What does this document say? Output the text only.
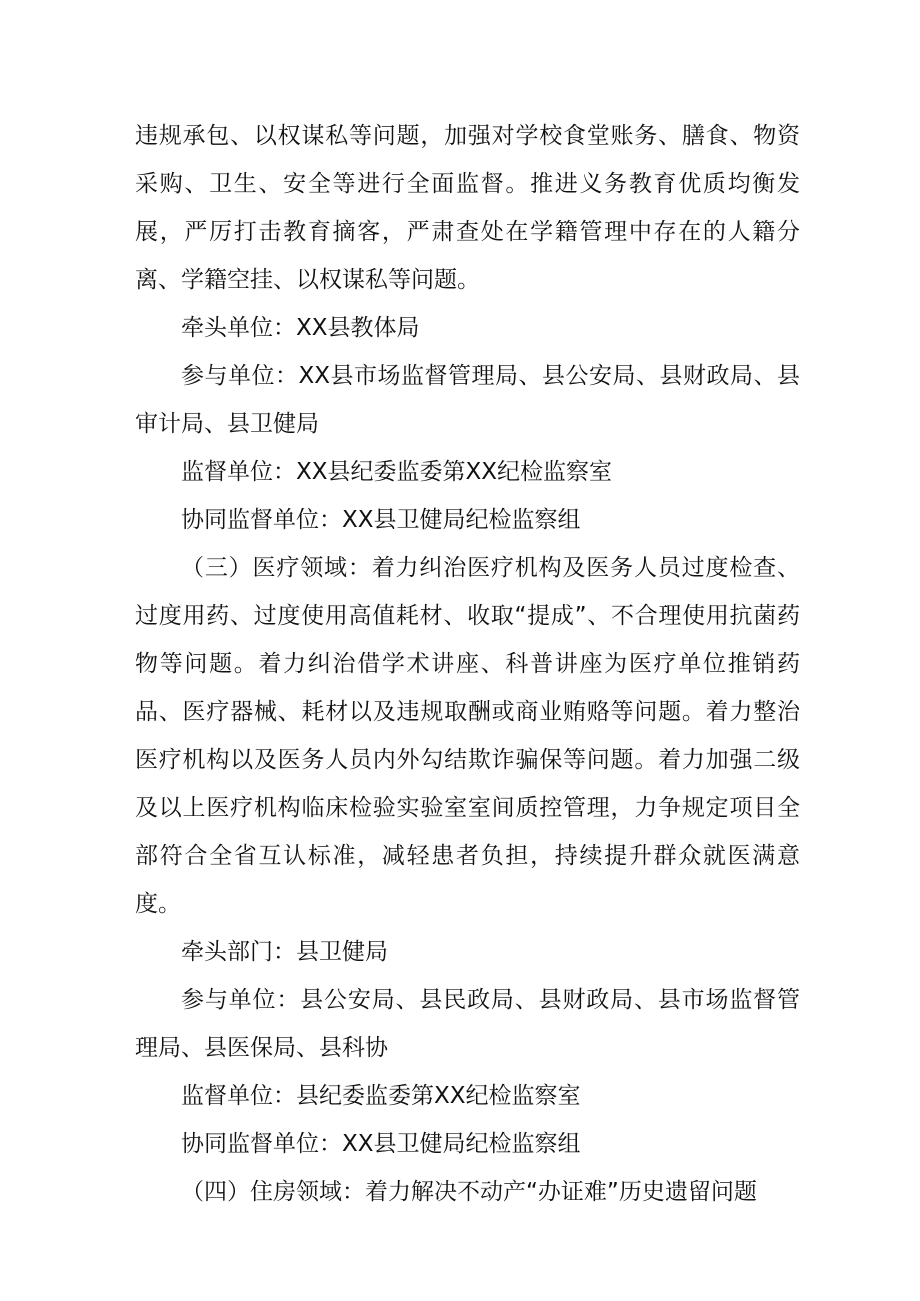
违规承包、以权谋私等问题，加强对学校食堂账务、膳食、物资采购、卫生、安全等进行全面监督。推进义务教育优质均衡发展，严厉打击教育摘客，严肃查处在学籍管理中存在的人籍分离、学籍空挂、以权谋私等问题。

牵头单位：XX县教体局

参与单位：XX县市场监督管理局、县公安局、县财政局、县审计局、县卫健局

监督单位：XX县纪委监委第XX纪检监察室

协同监督单位：XX县卫健局纪检监察组

（三）医疗领域：着力纠治医疗机构及医务人员过度检查、过度用药、过度使用高值耗材、收取“提成”、不合理使用抗菌药物等问题。着力纠治借学术讲座、科普讲座为医疗单位推销药品、医疗器械、耗材以及违规取酬或商业贿赂等问题。着力整治医疗机构以及医务人员内外勾结欺诈骗保等问题。着力加强二级及以上医疗机构临床检验实验室室间质控管理，力争规定项目全部符合全省互认标准，减轻患者负担，持续提升群众就医满意度。

牵头部门：县卫健局

参与单位：县公安局、县民政局、县财政局、县市场监督管理局、县医保局、县科协

监督单位：县纪委监委第XX纪检监察室

协同监督单位：XX县卫健局纪检监察组

（四）住房领域：着力解决不动产“办证难”历史遗留问题
